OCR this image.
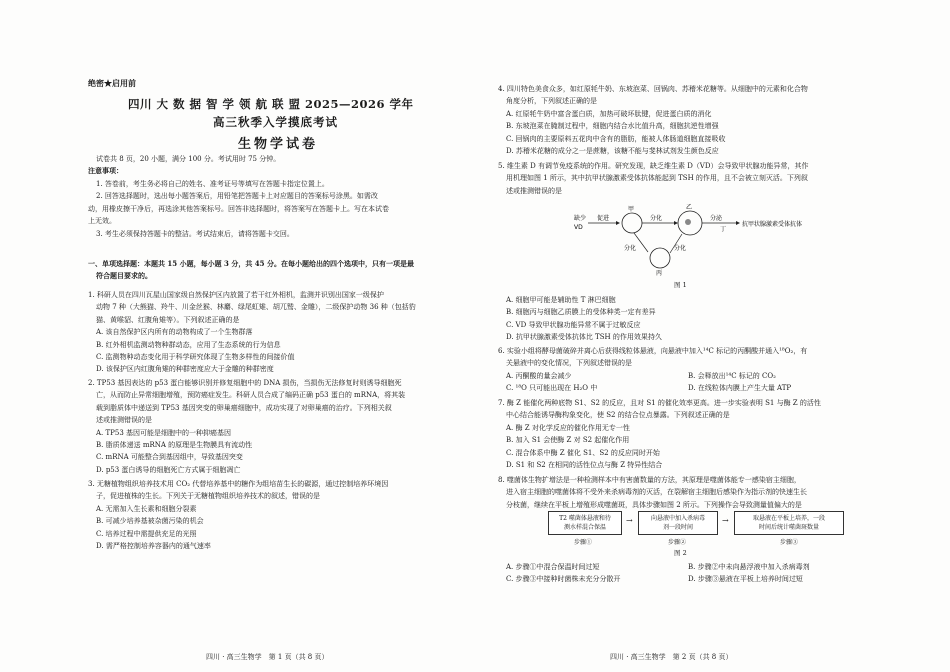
绝密★启用前
四川 大 数 据 智 学 领 航 联 盟 2025—2026 学年
高三秋季入学摸底考试
生物学试卷
试卷共 8 页，20 小题，满分 100 分。考试用时 75 分钟。
注意事项：

1. 答卷前，考生务必将自己的姓名、准考证号等填写在答题卡指定位置上。

2. 回答选择题时，选出每小题答案后，用铅笔把答题卡上对应题目的答案标号涂黑。如需改

动，用橡皮擦干净后，再选涂其他答案标号。回答非选择题时，将答案写在答题卡上。写在本试卷

上无效。

3. 考生必须保持答题卡的整洁。考试结束后，请将答题卡交回。

一、单项选择题：本题共 15 小题，每小题 3 分，共 45 分。在每小题给出的四个选项中，只有一项是最

符合题目要求的。

1. 科研人员在四川瓦屋山国家级自然保护区内放置了若干红外相机，监测并识别出国家一级保护

动物 7 种（大熊猫、羚牛、川金丝猴、林麝、绿尾虹雉、胡兀鹫、金雕），二级保护动物 36 种（包括豹

猫、黄喉貂、红腹角雉等）。下列叙述正确的是

A. 该自然保护区内所有的动物构成了一个生物群落

B. 红外相机监测动物种群动态，应用了生态系统的行为信息

C. 监测物种动态变化用于科学研究体现了生物多样性的间接价值

D. 该保护区内红腹角雉的种群密度应大于金雕的种群密度

2. TP53 基因表达的 p53 蛋白能够识别并修复细胞中的 DNA 损伤，当损伤无法修复时则诱导细胞死

亡，从而防止异常细胞增殖，预防癌症发生。科研人员合成了编码正确 p53 蛋白的 mRNA，将其装

载到脂质体中递送到 TP53 基因突变的卵巢癌细胞中，成功实现了对卵巢癌的治疗。下列相关叙

述或推测错误的是

A. TP53 基因可能是细胞中的一种抑癌基因

B. 脂质体递送 mRNA 的原理是生物膜具有流动性

C. mRNA 可能整合到基因组中，导致基因突变

D. p53 蛋白诱导的细胞死亡方式属于细胞凋亡

3. 无糖植物组织培养技术用 CO₂ 代替培养基中的糖作为组培苗生长的碳源，通过控制培养环境因

子，促进植株的生长。下列关于无糖植物组织培养技术的叙述，错误的是

A. 无需加入生长素和细胞分裂素

B. 可减少培养基被杂菌污染的机会

C. 培养过程中需提供充足的光照

D. 需严格控制培养容器内的通气速率

四川 · 高三生物学　第 1 页（共 8 页）

4. 四川特色美食众多，如红原牦牛奶、东坡泡菜、回锅肉、苏稽米花糖等。从细胞中的元素和化合物

角度分析，下列叙述正确的是

A. 红原牦牛奶中富含蛋白质，加热可破坏肽键，促进蛋白质的消化

B. 东坡泡菜在腌制过程中，细胞内结合水比值升高，细胞抗逆性增强

C. 回锅肉的主要原料五花肉中含有的脂肪，能被人体肠道细胞直接吸收

D. 苏稽米花糖的成分之一是蔗糖，该糖不能与斐林试剂发生颜色反应

5. 维生素 D 有调节免疫系统的作用。研究发现，缺乏维生素 D（VD）会导致甲状腺功能异常，其作

用机理如图 1 所示，其中抗甲状腺激素受体抗体能起到 TSH 的作用，且不会被立刻灭活。下列叙

述或推测错误的是

缺少
VD
促进
甲
分化
乙
分泌
丁
抗甲状腺激素受体抗体
分化
丙
分化
图 1

A. 细胞甲可能是辅助性 T 淋巴细胞

B. 细胞丙与细胞乙质膜上的受体种类一定有差异

C. VD 导致甲状腺功能异常不属于过敏反应

D. 抗甲状腺激素受体抗体比 TSH 的作用效果持久

6. 实验小组将酵母菌破碎并离心后获得线粒体悬液，向悬液中加入¹⁴C 标记的丙酮酸并通入¹⁸O₂，有

关悬液中的变化情况，下列叙述错误的是

A. 丙酮酸的量会减少	B. 会释放出¹⁴C 标记的 CO₂

C. ¹⁸O 只可能出现在 H₂O 中	D. 在线粒体内膜上产生大量 ATP

7. 酶 Z 能催化两种底物 S1、S2 的反应，且对 S1 的催化效率更高。进一步实验表明 S1 与酶 Z 的活性

中心结合能诱导酶构象变化，使 S2 的结合位点暴露。下列叙述正确的是

A. 酶 Z 对化学反应的催化作用无专一性

B. 加入 S1 会使酶 Z 对 S2 起催化作用

C. 混合体系中酶 Z 催化 S1、S2 的反应同时开始

D. S1 和 S2 在相同的活性位点与酶 Z 特异性结合

8. 噬菌体生物扩增法是一种检测样本中有害菌数量的方法，其原理是噬菌体能专一感染宿主细胞，

进入宿主细胞的噬菌体将不受外来杀病毒剂的灭活，在裂解宿主细胞后感染作为指示剂的快速生长

分枝菌，继续在平板上增殖形成噬菌斑，具体步骤如图 2 所示。下列操作会导致测量值偏大的是

T2 噬菌体悬液和待
测水样混合保温
→	向悬液中加入杀病毒
剂一段时间
→	取悬液在平板上培养，一段
时间后统计噬菌斑数量
步骤①	步骤②	步骤③
图 2

A. 步骤①中混合保温时间过短	B. 步骤②中未向悬浮液中加入杀病毒剂

C. 步骤③中接种时菌株未充分分散开	D. 步骤③悬液在平板上培养时间过短

四川 · 高三生物学　第 2 页（共 8 页）
